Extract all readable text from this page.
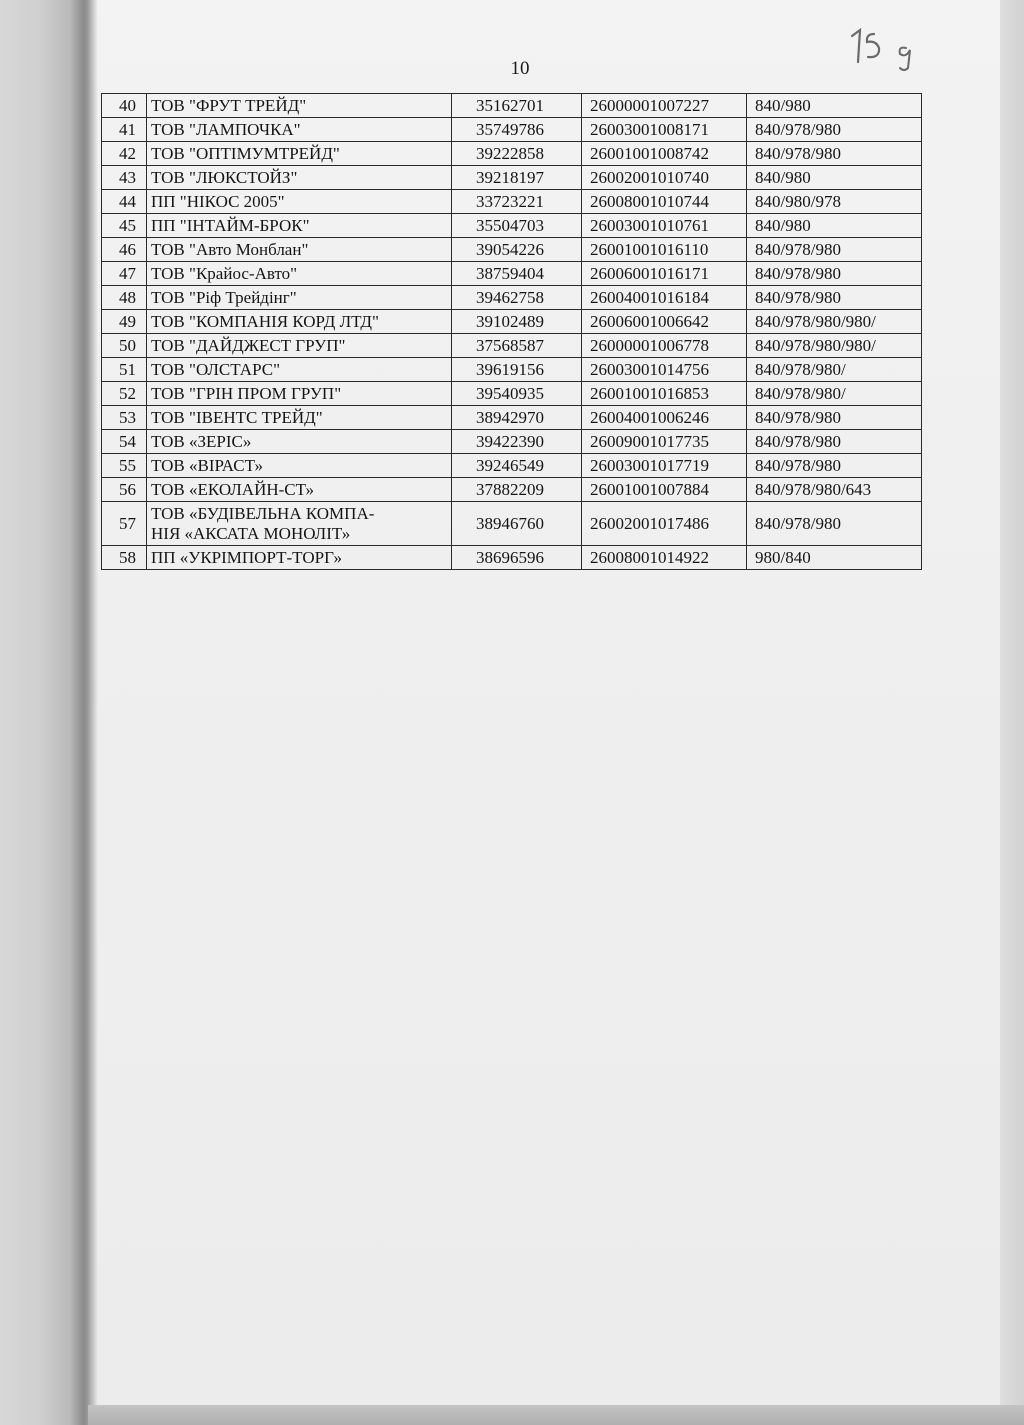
10
40	ТОВ "ФРУТ ТРЕЙД"	35162701	26000001007227	840/980
41	ТОВ "ЛАМПОЧКА"	35749786	26003001008171	840/978/980
42	ТОВ "ОПТІМУМТРЕЙД"	39222858	26001001008742	840/978/980
43	ТОВ "ЛЮКСТОЙЗ"	39218197	26002001010740	840/980
44	ПП "НІКОС 2005"	33723221	26008001010744	840/980/978
45	ПП "ІНТАЙМ-БРОК"	35504703	26003001010761	840/980
46	ТОВ "Авто Монблан"	39054226	26001001016110	840/978/980
47	ТОВ "Крайос-Авто"	38759404	26006001016171	840/978/980
48	ТОВ "Ріф Трейдінг"	39462758	26004001016184	840/978/980
49	ТОВ "КОМПАНІЯ КОРД ЛТД"	39102489	26006001006642	840/978/980/980/
50	ТОВ "ДАЙДЖЕСТ ГРУП"	37568587	26000001006778	840/978/980/980/
51	ТОВ "ОЛСТАРС"	39619156	26003001014756	840/978/980/
52	ТОВ "ГРІН ПРОМ ГРУП"	39540935	26001001016853	840/978/980/
53	ТОВ "ІВЕНТС ТРЕЙД"	38942970	26004001006246	840/978/980
54	ТОВ «ЗЕРІС»	39422390	26009001017735	840/978/980
55	ТОВ «ВІРАСТ»	39246549	26003001017719	840/978/980
56	ТОВ «ЕКОЛАЙН-СТ»	37882209	26001001007884	840/978/980/643
57	ТОВ «БУДІВЕЛЬНА КОМПА-
НІЯ «АКСАТА МОНОЛІТ»	38946760	26002001017486	840/978/980
58	ПП «УКРІМПОРТ-ТОРГ»	38696596	26008001014922	980/840
